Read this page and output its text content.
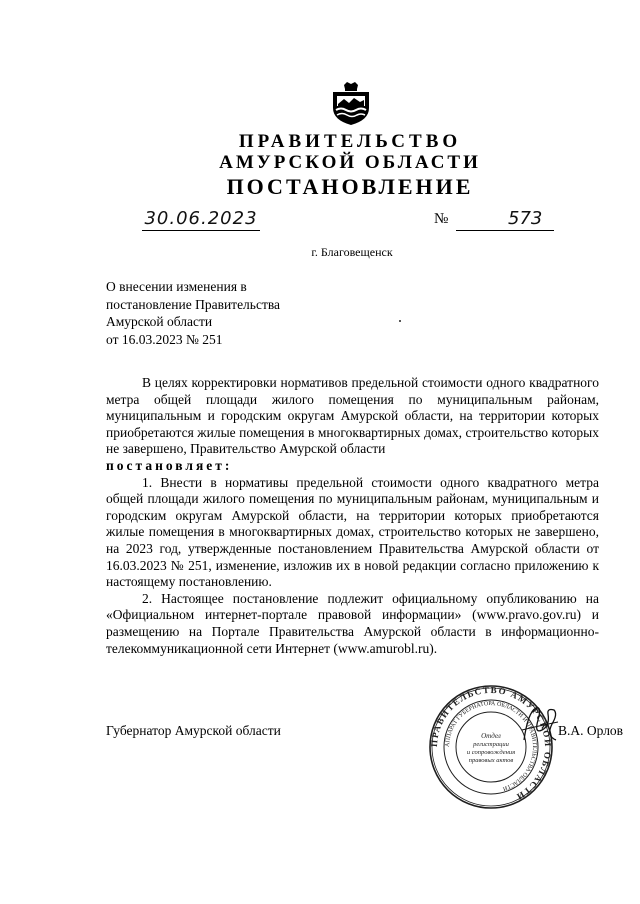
ПРАВИТЕЛЬСТВО
АМУРСКОЙ ОБЛАСТИ
ПОСТАНОВЛЕНИЕ
30.06.2023	№	573
г. Благовещенск
О внесении изменения в
постановление Правительства
Амурской области
от 16.03.2023 № 251

В целях корректировки нормативов предельной стоимости одного квадратного метра общей площади жилого помещения по муниципальным районам, муниципальным и городским округам Амурской области, на территории которых приобретаются жилые помещения в многоквартирных домах, строительство которых не завершено, Правительство Амурской области

постановляет:

1. Внести в нормативы предельной стоимости одного квадратного метра общей площади жилого помещения по муниципальным районам, муниципальным и городским округам Амурской области, на территории которых приобретаются жилые помещения в многоквартирных домах, строительство которых не завершено, на 2023 год, утвержденные постановлением Правительства Амурской области от 16.03.2023 № 251, изменение, изложив их в новой редакции согласно приложению к настоящему постановлению.

2. Настоящее постановление подлежит официальному опубликованию на «Официальном интернет-портале правовой информации» (www.pravo.gov.ru) и размещению на Портале Правительства Амурской области в информационно-телекоммуникационной сети Интернет (www.amurobl.ru).

Губернатор Амурской области	В.А. Орлов
ПРАВИТЕЛЬСТВО АМУРСКОЙ ОБЛАСТИ
АППАРАТ ГУБЕРНАТОРА ОБЛАСТИ И ПРАВИТЕЛЬСТВА ОБЛАСТИ
Отдел
регистрации
и сопровождения
правовых актов
